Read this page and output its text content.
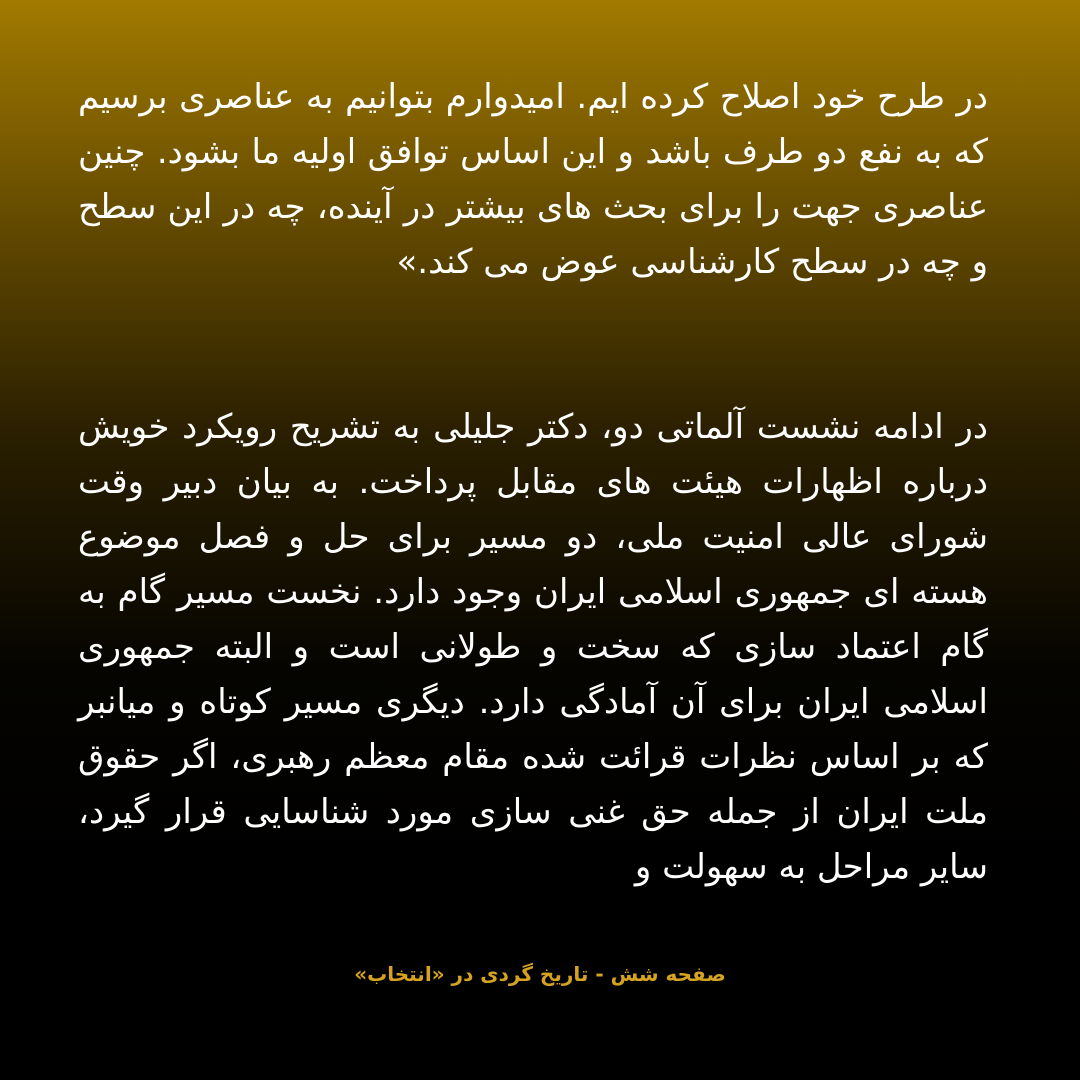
در طرح خود اصلاح کرده ایم. امیدوارم بتوانیم به عناصری برسیم که به نفع دو طرف باشد و این اساس توافق اولیه ما بشود. چنین عناصری جهت را برای بحث های بیشتر در آینده، چه در این سطح و چه در سطح کارشناسی عوض می کند.»

در ادامه نشست آلماتی دو، دکتر جلیلی به تشریح رویکرد خویش درباره اظهارات هیئت های مقابل پرداخت. به بیان دبیر وقت شورای عالی امنیت ملی، دو مسیر برای حل و فصل موضوع هسته ای جمهوری اسلامی ایران وجود دارد. نخست مسیر گام به گام اعتماد سازی که سخت و طولانی است و البته جمهوری اسلامی ایران برای آن آمادگی دارد. دیگری مسیر کوتاه و میانبر که بر اساس نظرات قرائت شده مقام معظم رهبری، اگر حقوق ملت ایران از جمله حق غنی سازی مورد شناسایی قرار گیرد، سایر مراحل به سهولت و

صفحه شش - تاریخ گردی در «انتخاب»
